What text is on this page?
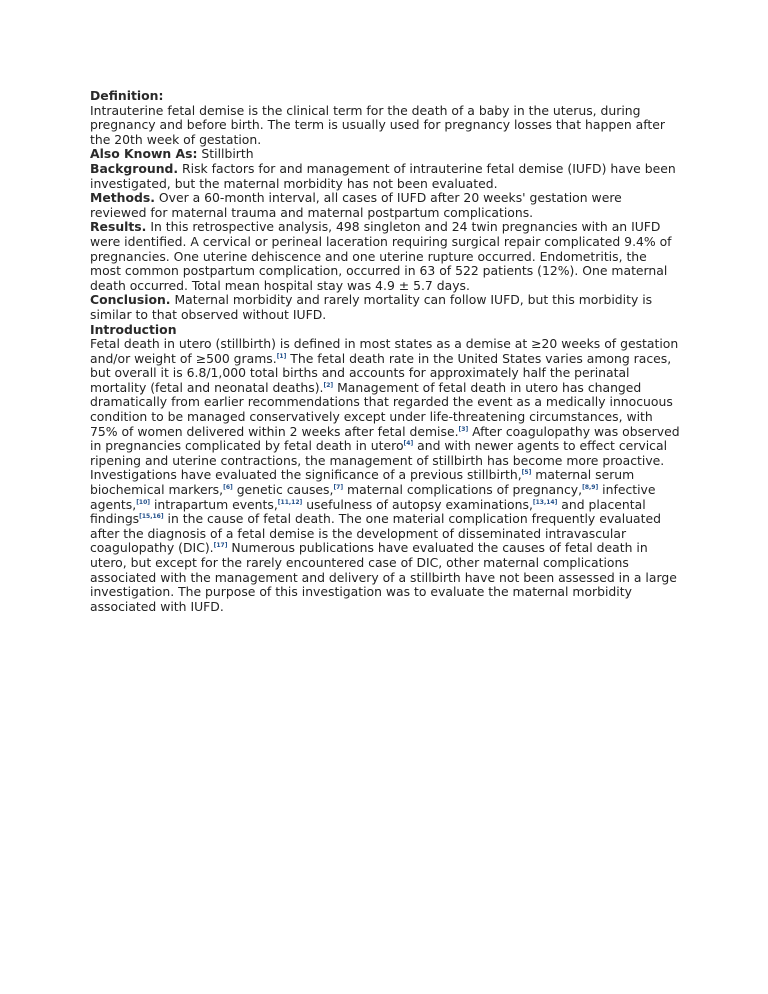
Definition:

Intrauterine fetal demise is the clinical term for the death of a baby in the uterus, during pregnancy and before birth. The term is usually used for pregnancy losses that happen after the 20th week of gestation.

Also Known As: Stillbirth

Background. Risk factors for and management of intrauterine fetal demise (IUFD) have been investigated, but the maternal morbidity has not been evaluated.

Methods. Over a 60-month interval, all cases of IUFD after 20 weeks' gestation were reviewed for maternal trauma and maternal postpartum complications.

Results. In this retrospective analysis, 498 singleton and 24 twin pregnancies with an IUFD were identified. A cervical or perineal laceration requiring surgical repair complicated 9.4% of pregnancies. One uterine dehiscence and one uterine rupture occurred. Endometritis, the most common postpartum complication, occurred in 63 of 522 patients (12%). One maternal death occurred. Total mean hospital stay was 4.9 ± 5.7 days.

Conclusion. Maternal morbidity and rarely mortality can follow IUFD, but this morbidity is similar to that observed without IUFD.

Introduction

Fetal death in utero (stillbirth) is defined in most states as a demise at ≥20 weeks of gestation and/or weight of ≥500 grams.[1] The fetal death rate in the United States varies among races, but overall it is 6.8/1,000 total births and accounts for approximately half the perinatal mortality (fetal and neonatal deaths).[2] Management of fetal death in utero has changed dramatically from earlier recommendations that regarded the event as a medically innocuous condition to be managed conservatively except under life-threatening circumstances, with 75% of women delivered within 2 weeks after fetal demise.[3] After coagulopathy was observed in pregnancies complicated by fetal death in utero[4] and with newer agents to effect cervical ripening and uterine contractions, the management of stillbirth has become more proactive.

Investigations have evaluated the significance of a previous stillbirth,[5] maternal serum biochemical markers,[6] genetic causes,[7] maternal complications of pregnancy,[8,9] infective agents,[10] intrapartum events,[11,12] usefulness of autopsy examinations,[13,14] and placental findings[15,16] in the cause of fetal death. The one material complication frequently evaluated after the diagnosis of a fetal demise is the development of disseminated intravascular coagulopathy (DIC).[17] Numerous publications have evaluated the causes of fetal death in utero, but except for the rarely encountered case of DIC, other maternal complications associated with the management and delivery of a stillbirth have not been assessed in a large investigation. The purpose of this investigation was to evaluate the maternal morbidity associated with IUFD.
